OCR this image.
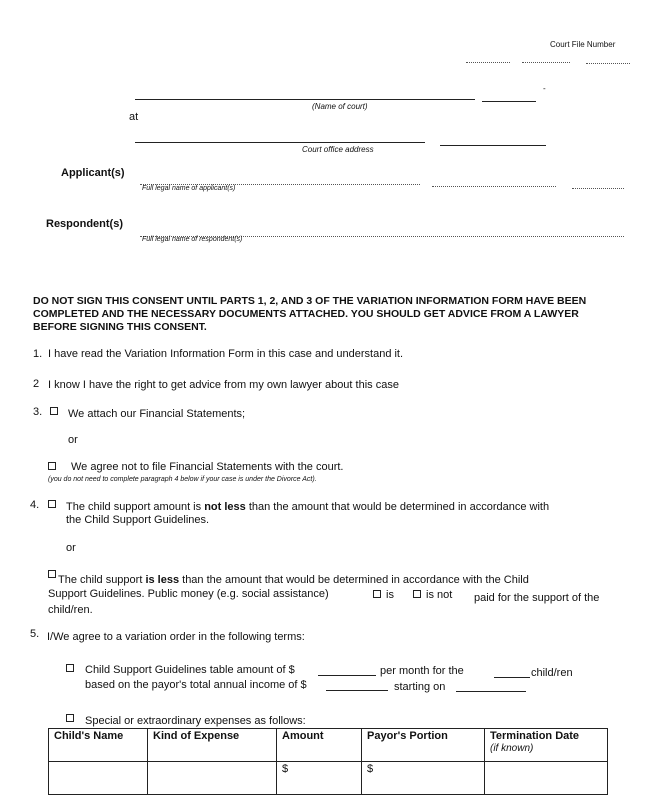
Court File Number
-
(Name of court)
at
Court office address
Applicant(s)
Full legal name of applicant(s)
Respondent(s)
Full legal name of respondent(s)
DO NOT SIGN THIS CONSENT UNTIL PARTS 1, 2, AND 3 OF THE VARIATION INFORMATION FORM HAVE BEEN COMPLETED AND THE NECESSARY DOCUMENTS ATTACHED. YOU SHOULD GET ADVICE FROM A LAWYER BEFORE SIGNING THIS CONSENT.
1. I have read the Variation Information Form in this case and understand it.
2 I know I have the right to get advice from my own lawyer about this case
3. We attach our Financial Statements;
or
We agree not to file Financial Statements with the court.
(you do not need to complete paragraph 4 below if your case is under the Divorce Act).
4. The child support amount is not less than the amount that would be determined in accordance with
the Child Support Guidelines.
or
The child support is less than the amount that would be determined in accordance with the Child
Support Guidelines. Public money (e.g. social assistance)	is	is not paid for the support of the
child/ren.
5. I/We agree to a variation order in the following terms:
Child Support Guidelines table amount of $	per month for the	child/ren
based on the payor's total annual income of $	starting on
Special or extraordinary expenses as follows:
Child's Name	Kind of Expense	Amount	Payor's Portion	Termination Date
(if known)
		$	$	
